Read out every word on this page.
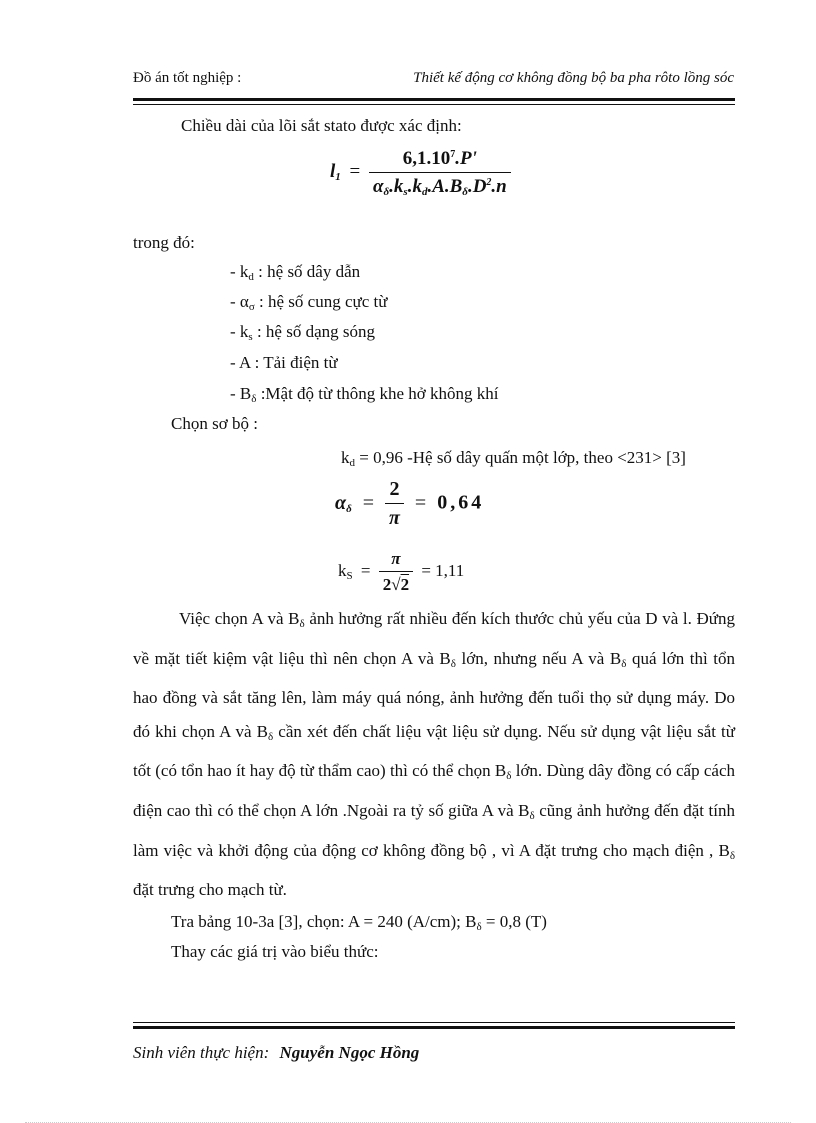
Đồ án tốt nghiệp :	Thiết kế động cơ không đồng bộ ba pha rôto lồng sóc
Chiều dài của lõi sắt stato được xác định:
$l_1 = \frac{6,1.10^7.P'}{\alpha_\delta.k_s.k_d.A.B_\delta.D^2.n}$
trong đó:
- $k_d$ : hệ số dây dẫn
- $\alpha_\sigma$ : hệ số cung cực từ
- $k_s$ : hệ số dạng sóng
- A : Tải điện từ
- $B_\delta$ :Mật độ từ thông khe hở không khí
Chọn sơ bộ :
$k_d = 0,96$ -Hệ số dây quấn một lớp, theo <231> [3]
$\alpha_\delta = \frac{2}{\pi} = 0,64$
$k_S = \frac{\pi}{2√2} = 1,11$
Việc chọn A và $B_\delta$ ảnh hưởng rất nhiều đến kích thước chủ yếu của D và l. Đứng về mặt tiết kiệm vật liệu thì nên chọn A và $B_\delta$ lớn, nhưng nếu A và $B_\delta$ quá lớn thì tổn hao đồng và sắt tăng lên, làm máy quá nóng, ảnh hưởng đến tuổi thọ sử dụng máy. Do đó khi chọn A và $B_\delta$ cần xét đến chất liệu vật liệu sử dụng. Nếu sử dụng vật liệu sắt từ tốt (có tổn hao ít hay độ từ thẩm cao) thì có thể chọn $B_\delta$ lớn. Dùng dây đồng có cấp cách điện cao thì có thể chọn A lớn .Ngoài ra tỷ số giữa A và $B_\delta$ cũng ảnh hưởng đến đặt tính làm việc và khởi động của động cơ không đồng bộ , vì A đặt trưng cho mạch điện , $B_\delta$ đặt trưng cho mạch từ.
Tra bảng 10-3a [3], chọn: A = 240 (A/cm); $B_\delta = 0,8$ (T)
Thay các giá trị vào biểu thức:
Sinh viên thực hiện: Nguyễn Ngọc Hồng
